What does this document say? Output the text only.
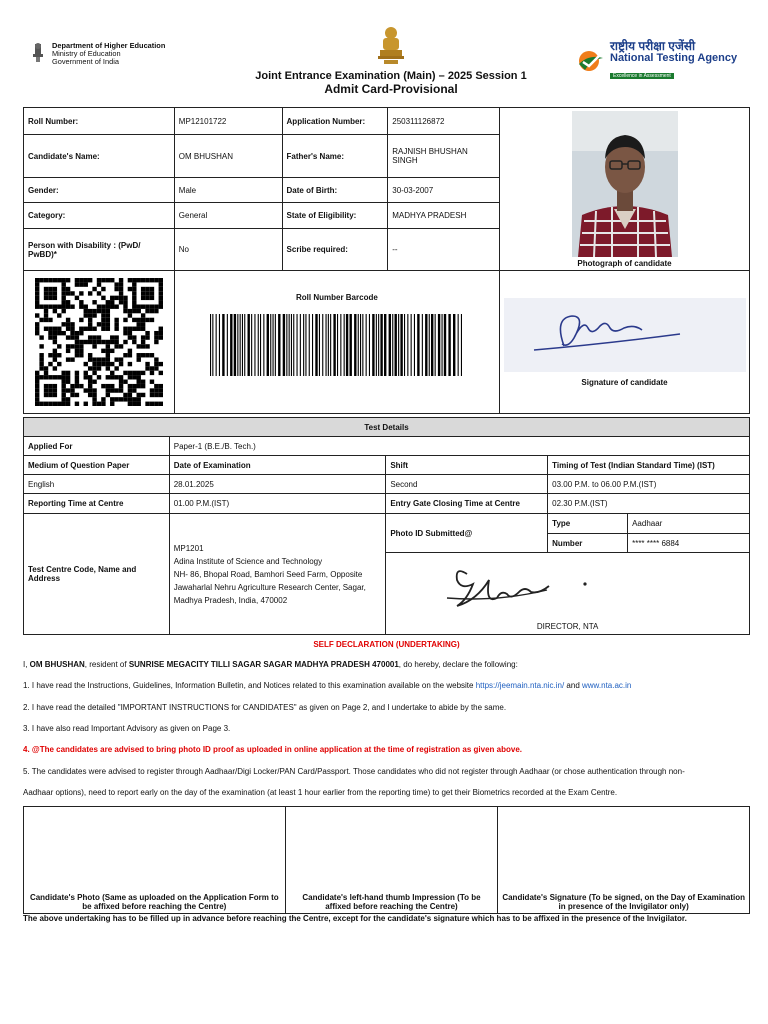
Department of Higher Education
Ministry of Education
Government of India
राष्ट्रीय परीक्षा एजेंसी
National Testing Agency
Excellence in Assessment
Joint Entrance Examination (Main) – 2025 Session 1
Admit Card-Provisional
Roll Number:	MP12101722	Application Number:	250311126872	Photograph of candidate

Candidate's Name:	OM BHUSHAN	Father's Name:	RAJNISH BHUSHAN SINGH	
Gender:	Male	Date of Birth:	30-03-2007	
Category:	General	State of Eligibility:	MADHYA PRADESH	
Person with Disability : (PwD/ PwBD)*	No	Scribe required:	--	

Roll Number Barcode			Signature of candidate
Test Details				
Applied For	Paper-1 (B.E./B. Tech.)			
Medium of Question Paper	Date of Examination	Shift	Timing of Test (Indian Standard Time) (IST)	
English	28.01.2025	Second	03.00 P.M. to 06.00 P.M.(IST)	
Reporting Time at Centre	01.00 P.M.(IST)	Entry Gate Closing Time at Centre	02.30 P.M.(IST)	
Test Centre Code, Name and Address	MP1201
Adina Institute of Science and Technology
NH- 86, Bhopal Road, Bamhori Seed Farm, Opposite
Jawaharlal Nehru Agriculture Research Center, Sagar,
Madhya Pradesh, India, 470002	Photo ID Submitted@	Type	Aadhaar
			Number	**** **** 6884

		DIRECTOR, NTA		
SELF DECLARATION (UNDERTAKING)
I, OM BHUSHAN, resident of SUNRISE MEGACITY TILLI SAGAR SAGAR MADHYA PRADESH 470001, do hereby, declare the following:
1. I have read the Instructions, Guidelines, Information Bulletin, and Notices related to this examination available on the website https://jeemain.nta.nic.in/ and www.nta.ac.in
2. I have read the detailed "IMPORTANT INSTRUCTIONS for CANDIDATES" as given on Page 2, and I undertake to abide by the same.
3. I have also read Important Advisory as given on Page 3.
4. @The candidates are advised to bring photo ID proof as uploaded in online application at the time of registration as given above.
5. The candidates were advised to register through Aadhaar/Digi Locker/PAN Card/Passport. Those candidates who did not register through Aadhaar (or chose authentication through non-
Aadhaar options), need to report early on the day of the examination (at least 1 hour earlier from the reporting time) to get their Biometrics recorded at the Exam Centre.
Candidate's Photo (Same as uploaded on the Application Form to be affixed before reaching the Centre)	Candidate's left-hand thumb Impression (To be affixed before reaching the Centre)	Candidate's Signature (To be signed, on the Day of Examination in presence of the Invigilator only)
The above undertaking has to be filled up in advance before reaching the Centre, except for the candidate's signature which has to be affixed in the presence of the Invigilator.
